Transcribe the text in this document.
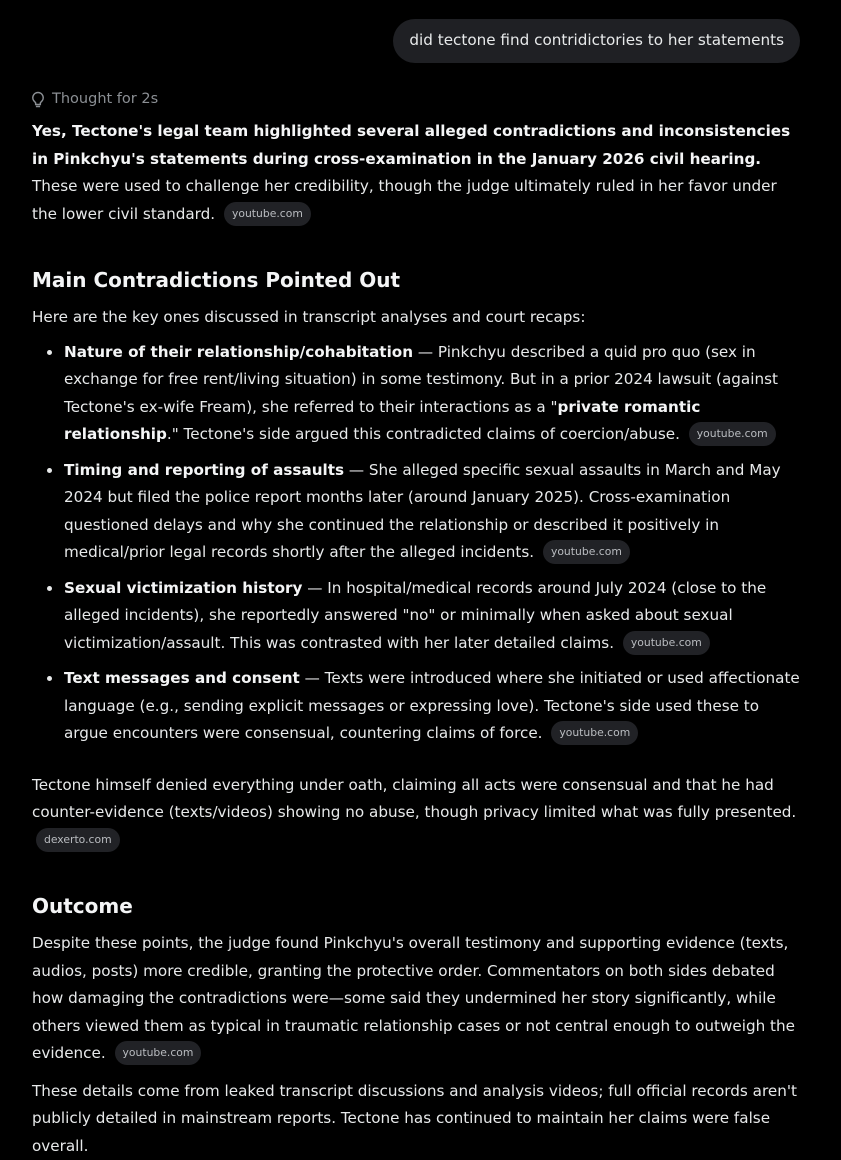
did tectone find contridictories to her statements
Thought for 2s

Yes, Tectone's legal team highlighted several alleged contradictions and inconsistencies in Pinkchyu's statements during cross-examination in the January 2026 civil hearing. These were used to challenge her credibility, though the judge ultimately ruled in her favor under the lower civil standard. youtube.com

Main Contradictions Pointed Out

Here are the key ones discussed in transcript analyses and court recaps:

Nature of their relationship/cohabitation — Pinkchyu described a quid pro quo (sex in exchange for free rent/living situation) in some testimony. But in a prior 2024 lawsuit (against Tectone's ex-wife Fream), she referred to their interactions as a "private romantic relationship." Tectone's side argued this contradicted claims of coercion/abuse. youtube.com
Timing and reporting of assaults — She alleged specific sexual assaults in March and May 2024 but filed the police report months later (around January 2025). Cross-examination questioned delays and why she continued the relationship or described it positively in medical/prior legal records shortly after the alleged incidents. youtube.com
Sexual victimization history — In hospital/medical records around July 2024 (close to the alleged incidents), she reportedly answered "no" or minimally when asked about sexual victimization/assault. This was contrasted with her later detailed claims. youtube.com
Text messages and consent — Texts were introduced where she initiated or used affectionate language (e.g., sending explicit messages or expressing love). Tectone's side used these to argue encounters were consensual, countering claims of force. youtube.com

Tectone himself denied everything under oath, claiming all acts were consensual and that he had counter-evidence (texts/videos) showing no abuse, though privacy limited what was fully presented. dexerto.com

Outcome

Despite these points, the judge found Pinkchyu's overall testimony and supporting evidence (texts, audios, posts) more credible, granting the protective order. Commentators on both sides debated how damaging the contradictions were—some said they undermined her story significantly, while others viewed them as typical in traumatic relationship cases or not central enough to outweigh the evidence. youtube.com

These details come from leaked transcript discussions and analysis videos; full official records aren't publicly detailed in mainstream reports. Tectone has continued to maintain her claims were false overall.
